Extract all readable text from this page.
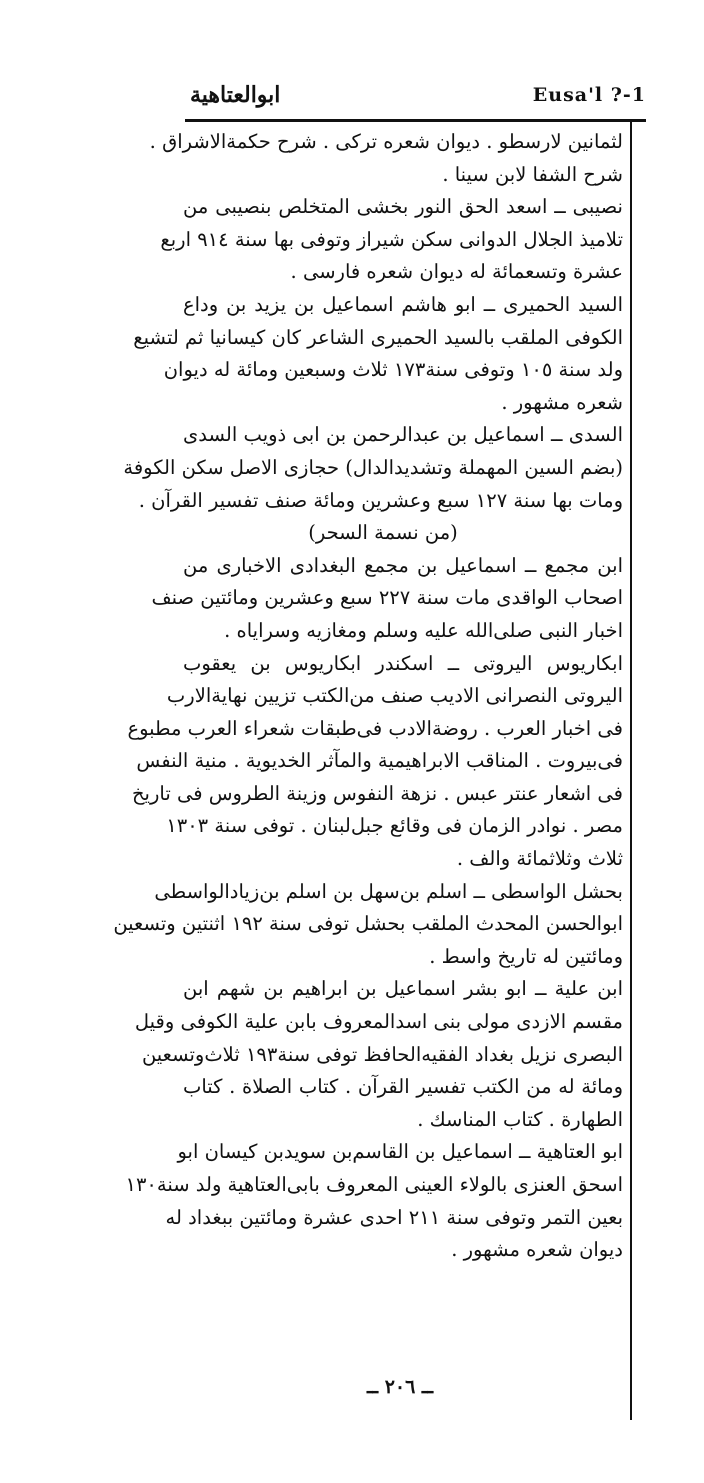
Eusa'l ?-1
ابوالعتاهية
لثمانين لارسطو . ديوان شعره تركى . شرح حكمةالاشراق .
شرح الشفا لابن سينا .
نصيبى ــ اسعد الحق النور بخشى المتخلص بنصيبى من
تلاميذ الجلال الدوانى سكن شيراز وتوفى بها سنة ٩١٤ اربع
عشرة وتسعمائة له ديوان شعره فارسى .
السيد الحميرى ــ ابو هاشم اسماعيل بن يزيد بن وداع
الكوفى الملقب بالسيد الحميرى الشاعر كان كيسانيا ثم لتشيع
ولد سنة ١٠٥ وتوفى سنة١٧٣ ثلاث وسبعين ومائة له ديوان
شعره مشهور .
السدى ــ اسماعيل بن عبدالرحمن بن ابى ذويب السدى
(بضم السين المهملة وتشديدالدال) حجازى الاصل سكن الكوفة
ومات بها سنة ١٢٧ سبع وعشرين ومائة صنف تفسير القرآن .
(من نسمة السحر)
ابن مجمع ــ اسماعيل بن مجمع البغدادى الاخبارى من
اصحاب الواقدى مات سنة ٢٢٧ سبع وعشرين ومائتين صنف
اخبار النبى صلى‌الله عليه وسلم ومغازيه وسراياه .
ابكاريوس اليروتى ــ اسكندر ابكاريوس بن يعقوب
اليروتى النصرانى الاديب صنف من‌الكتب تزيين نهايةالارب
فى اخبار العرب . روضةالادب فى‌طبقات شعراء العرب مطبوع
فى‌بيروت . المناقب الابراهيمية والمآثر الخديوية . منية النفس
فى اشعار عنتر عبس . نزهة النفوس وزينة الطروس فى تاريخ
مصر . نوادر الزمان فى وقائع جبل‌لبنان . توفى سنة ١٣٠٣
ثلاث وثلاثمائة والف .
بحشل الواسطى ــ اسلم بن‌سهل بن اسلم بن‌زيادالواسطى
ابوالحسن المحدث الملقب بحشل توفى سنة ١٩٢ اثنتين وتسعين
ومائتين له تاريخ واسط .
ابن علية ــ ابو بشر اسماعيل بن ابراهيم بن شهم ابن
مقسم الازدى مولى بنى اسدالمعروف بابن علية الكوفى وقيل
البصرى نزيل بغداد الفقيه‌الحافظ توفى سنة١٩٣ ثلاث‌وتسعين
ومائة له من الكتب تفسير القرآن . كتاب الصلاة . كتاب
الطهارة . كتاب المناسك .
ابو العتاهية ــ اسماعيل بن القاسم‌بن سويدبن كيسان ابو
اسحق العنزى بالولاء العينى المعروف بابى‌العتاهية ولد سنة١٣٠
بعين التمر وتوفى سنة ٢١١ احدى عشرة ومائتين ببغداد له
ديوان شعره مشهور .
ــ ٢٠٦ ــ
